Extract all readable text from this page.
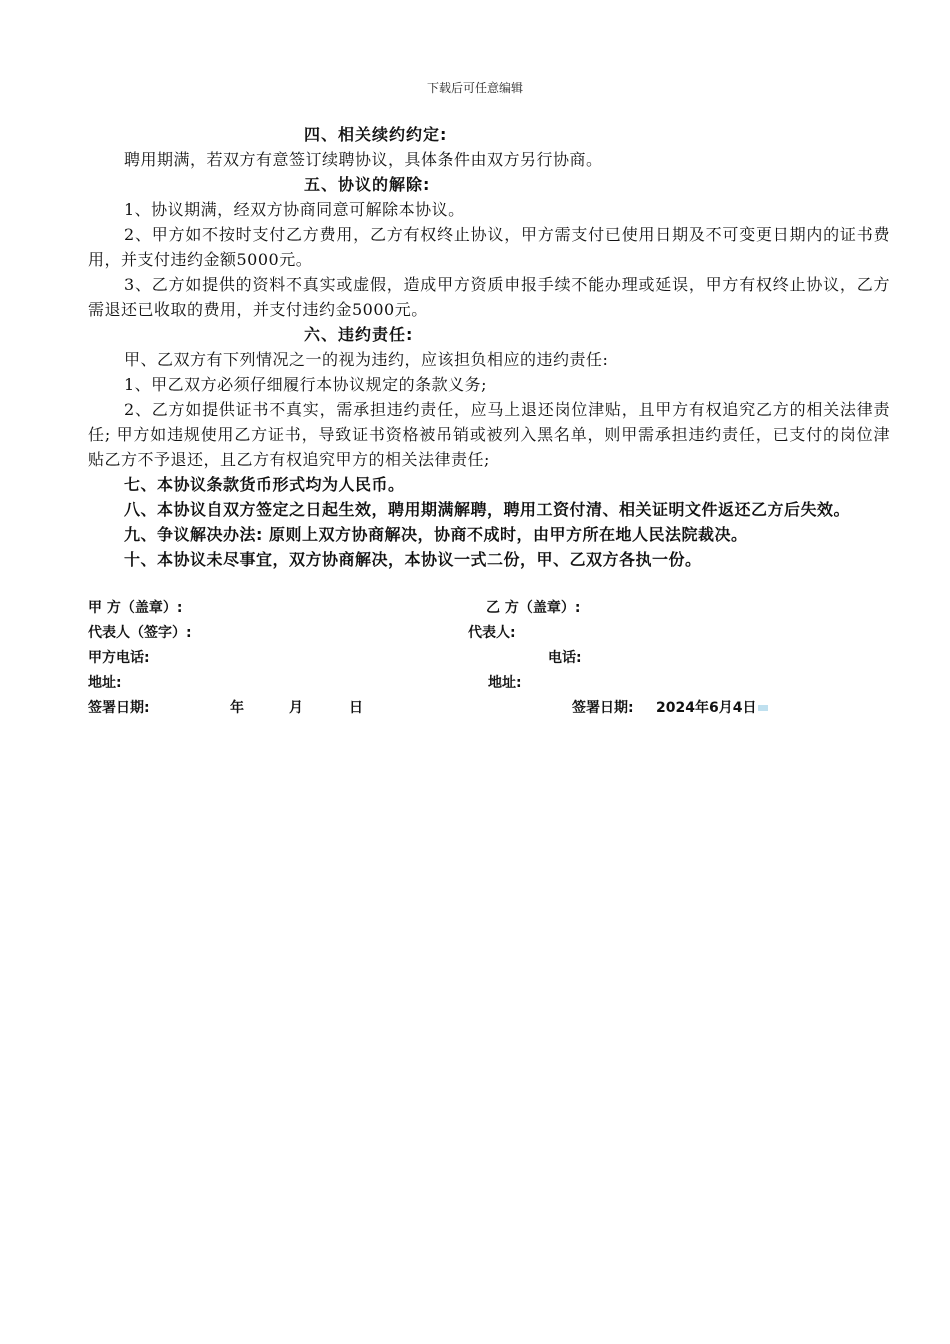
下载后可任意编辑

四、相关续约约定:

聘用期满，若双方有意签订续聘协议，具体条件由双方另行协商。

五、协议的解除:

1、协议期满，经双方协商同意可解除本协议。

2、甲方如不按时支付乙方费用，乙方有权终止协议，甲方需支付已使用日期及不可变更日期内的证书费用，并支付违约金额5000元。

3、乙方如提供的资料不真实或虚假，造成甲方资质申报手续不能办理或延误，甲方有权终止协议，乙方需退还已收取的费用，并支付违约金5000元。

六、违约责任:

甲、乙双方有下列情况之一的视为违约，应该担负相应的违约责任:

1、甲乙双方必须仔细履行本协议规定的条款义务;

2、乙方如提供证书不真实，需承担违约责任，应马上退还岗位津贴，且甲方有权追究乙方的相关法律责任; 甲方如违规使用乙方证书，导致证书资格被吊销或被列入黑名单，则甲需承担违约责任，已支付的岗位津贴乙方不予退还，且乙方有权追究甲方的相关法律责任;

七、本协议条款货币形式均为人民币。

八、本协议自双方签定之日起生效，聘用期满解聘，聘用工资付清、相关证明文件返还乙方后失效。

九、争议解决办法: 原则上双方协商解决，协商不成时，由甲方所在地人民法院裁决。

十、本协议未尽事宜，双方协商解决，本协议一式二份，甲、乙双方各执一份。

甲 方（盖章）:	乙 方（盖章）:
代表人（签字）:	代表人:
甲方电话:	电话:
地址:	地址:
签署日期:	年	月	日	签署日期: 2024年6月4日
